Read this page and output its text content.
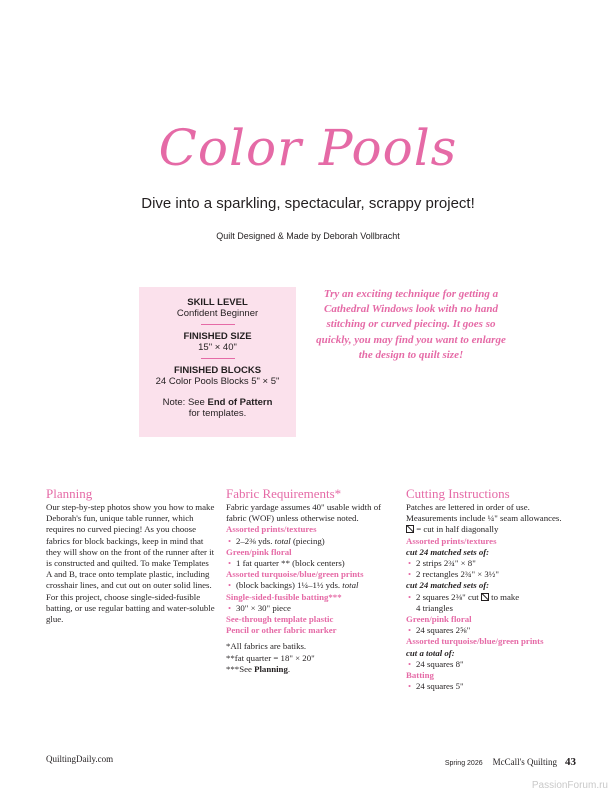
Color Pools
Dive into a sparkling, spectacular, scrappy project!
Quilt Designed & Made by Deborah Vollbracht
SKILL LEVEL
Confident Beginner
FINISHED SIZE
15" × 40"
FINISHED BLOCKS
24 Color Pools Blocks 5" × 5"
Note: See End of Pattern
for templates.
Try an exciting technique for getting a Cathedral Windows look with no hand stitching or curved piecing. It goes so quickly, you may find you want to enlarge the design to quilt size!
Planning

Our step-by-step photos show you how to make Deborah's fun, unique table runner, which requires no curved piecing! As you choose fabrics for block backings, keep in mind that they will show on the front of the runner after it is constructed and quilted. To make Templates A and B, trace onto template plastic, including crosshair lines, and cut out on outer solid lines. For this project, choose single-sided-fusible batting, or use regular batting and water-soluble glue.

Fabric Requirements*

Fabric yardage assumes 40" usable width of fabric (WOF) unless otherwise noted.

Assorted prints/textures

• 2–2⅜ yds. total (piecing)

Green/pink floral

• 1 fat quarter ** (block centers)

Assorted turquoise/blue/green prints

• (block backings) 1¼–1½ yds. total

Single-sided-fusible batting***

• 30" × 30" piece

See-through template plastic

Pencil or other fabric marker

*All fabrics are batiks.

**fat quarter = 18" × 20"

***See Planning.

Cutting Instructions

Patches are lettered in order of use. Measurements include ¼" seam allowances.

= cut in half diagonally

Assorted prints/textures

cut 24 matched sets of:

• 2 strips 2¾" × 8"

• 2 rectangles 2¾" × 3½"

cut 24 matched sets of:

• 2 squares 2⅜" cut  to make

4 triangles

Green/pink floral

• 24 squares 2⅝"

Assorted turquoise/blue/green prints

cut a total of:

• 24 squares 8"

Batting

• 24 squares 5"

QuiltingDaily.com	Spring 2026 McCall's Quilting 43
PassionForum.ru
